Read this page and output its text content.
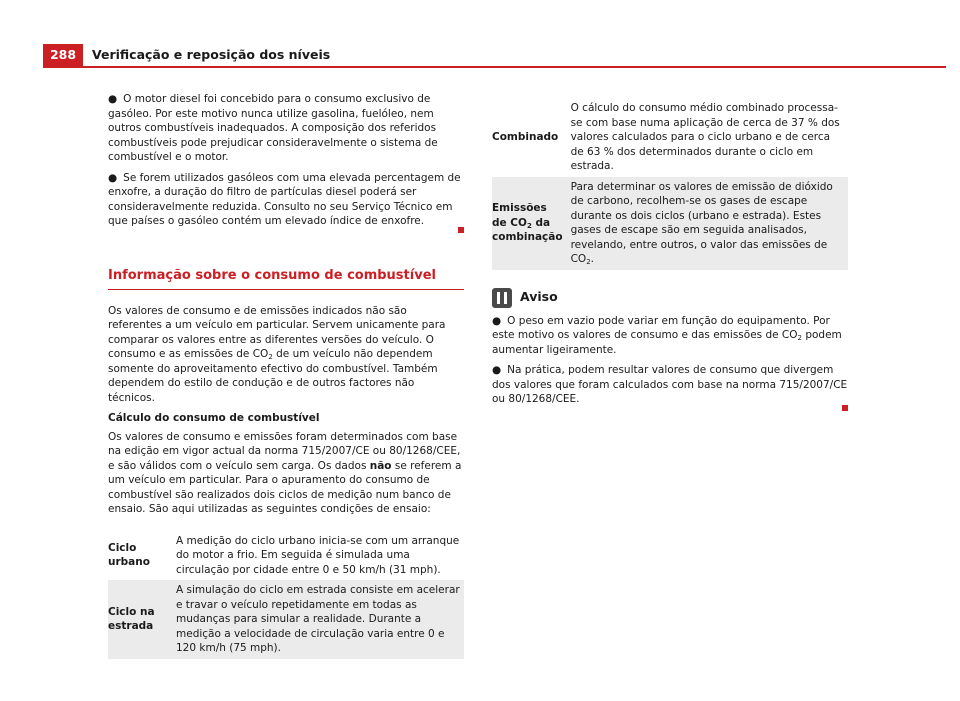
288	Verificação e reposição dos níveis

● O motor diesel foi concebido para o consumo exclusivo de gasóleo. Por este motivo nunca utilize gasolina, fuelóleo, nem outros combustíveis inadequados. A composição dos referidos combustíveis pode prejudicar consideravelmente o sistema de combustível e o motor.

● Se forem utilizados gasóleos com uma elevada percentagem de enxofre, a duração do filtro de partículas diesel poderá ser consideravelmente reduzida. Consulto no seu Serviço Técnico em que países o gasóleo contém um elevado índice de enxofre.

Informação sobre o consumo de combustível

Os valores de consumo e de emissões indicados não são referentes a um veículo em particular. Servem unicamente para comparar os valores entre as diferentes versões do veículo. O consumo e as emissões de $CO_2$ de um veículo não dependem somente do aproveitamento efectivo do combustível. Também dependem do estilo de condução e de outros factores não técnicos.

Cálculo do consumo de combustível

Os valores de consumo e emissões foram determinados com base na edição em vigor actual da norma 715/2007/CE ou 80/1268/CEE, e são válidos com o veículo sem carga. Os dados não se referem a um veículo em particular. Para o apuramento do consumo de combustível são realizados dois ciclos de medição num banco de ensaio. São aqui utilizadas as seguintes condições de ensaio:

Ciclo urbano	A medição do ciclo urbano inicia-se com um arranque do motor a frio. Em seguida é simulada uma circulação por cidade entre 0 e 50 km/h (31 mph).
Ciclo na estrada	A simulação do ciclo em estrada consiste em acelerar e travar o veículo repetidamente em todas as mudanças para simular a realidade. Durante a medição a velocidade de circulação varia entre 0 e 120 km/h (75 mph).
Combinado	O cálculo do consumo médio combinado processa-se com base numa aplicação de cerca de 37 % dos valores calculados para o ciclo urbano e de cerca de 63 % dos determinados durante o ciclo em estrada.
Emissões de $CO_2$ da combinação	Para determinar os valores de emissão de dióxido de carbono, recolhem-se os gases de escape durante os dois ciclos (urbano e estrada). Estes gases de escape são em seguida analisados, revelando, entre outros, o valor das emissões de $CO_2$.
Aviso

● O peso em vazio pode variar em função do equipamento. Por este motivo os valores de consumo e das emissões de $CO_2$ podem aumentar ligeiramente.

● Na prática, podem resultar valores de consumo que divergem dos valores que foram calculados com base na norma 715/2007/CE ou 80/1268/CEE.
